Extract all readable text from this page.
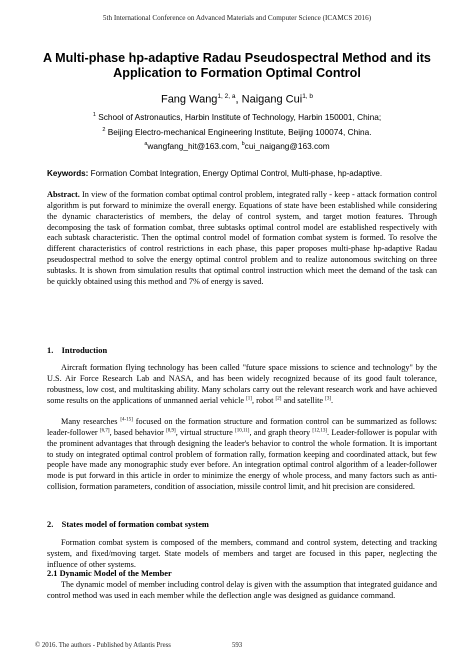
5th International Conference on Advanced Materials and Computer Science (ICAMCS 2016)
A Multi-phase hp-adaptive Radau Pseudospectral Method and its
Application to Formation Optimal Control
Fang Wang$^{1, 2, a}$, Naigang Cui$^{1, b}$
$^1$ School of Astronautics, Harbin Institute of Technology, Harbin 150001, China;
$^2$ Beijing Electro-mechanical Engineering Institute, Beijing 100074, China.
$^a$wangfang_hit@163.com, $^b$cui_naigang@163.com
Keywords: Formation Combat Integration, Energy Optimal Control, Multi-phase, hp-adaptive.

Abstract. In view of the formation combat optimal control problem, integrated rally - keep - attack formation control algorithm is put forward to minimize the overall energy. Equations of state have been established while considering the dynamic characteristics of members, the delay of control system, and target motion features. Through decomposing the task of formation combat, three subtasks optimal control model are established respectively with each subtask characteristic. Then the optimal control model of formation combat system is formed. To resolve the different characteristics of control restrictions in each phase, this paper proposes multi-phase hp-adaptive Radau pseudospectral method to solve the energy optimal control problem and to realize autonomous switching on three subtasks. It is shown from simulation results that optimal control instruction which meet the demand of the task can be quickly obtained using this method and 7% of energy is saved.

1.    Introduction

Aircraft formation flying technology has been called "future space missions to science and technology" by the U.S. Air Force Research Lab and NASA, and has been widely recognized because of its good fault tolerance, robustness, low cost, and multitasking ability. Many scholars carry out the relevant research work and have achieved some results on the applications of unmanned aerial vehicle [1], robot [2] and satellite [3].

Many researches [4-15] focused on the formation structure and formation control can be summarized as follows: leader-follower [6,7], based behavior [8,9], virtual structure [10,11], and graph theory [12,13]. Leader-follower is popular with the prominent advantages that through designing the leader's behavior to control the whole formation. It is important to study on integrated optimal control problem of formation rally, formation keeping and coordinated attack, but few people have made any monographic study ever before. An integration optimal control algorithm of a leader-follower mode is put forward in this article in order to minimize the energy of whole process, and many factors such as anti-collision, formation parameters, condition of association, missile control limit, and hit precision are considered.

2.    States model of formation combat system

Formation combat system is composed of the members, command and control system, detecting and tracking system, and fixed/moving target. State models of members and target are focused in this paper, neglecting the influence of other systems.

2.1 Dynamic Model of the Member

The dynamic model of member including control delay is given with the assumption that integrated guidance and control method was used in each member while the deflection angle was designed as guidance command.

© 2016. The authors - Published by Atlantis Press	593
